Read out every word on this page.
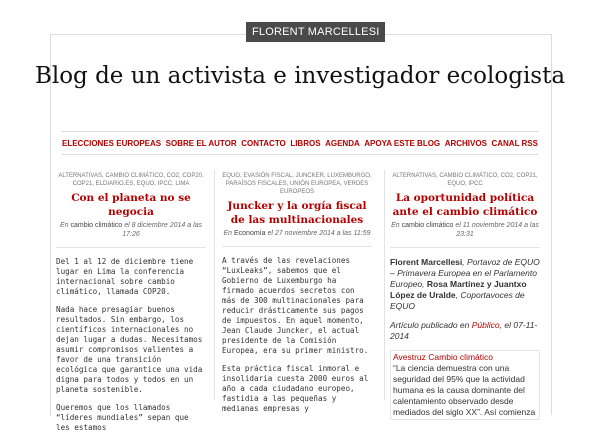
FLORENT MARCELLESI
Blog de un activista e investigador ecologista
ELECCIONES EUROPEAS SOBRE EL AUTOR CONTACTO LIBROS AGENDA APOYA ESTE BLOG ARCHIVOS CANAL RSS
ALTERNATIVAS, CAMBIO CLIMÁTICO, CO2, COP20, COP21, ELDIARIO.ES, EQUO, IPCC, LIMA
Con el planeta no se negocia
En cambio climático el 8 diciembre 2014 a las 17:26

Del 1 al 12 de diciembre tiene lugar en Lima la conferencia internacional sobre cambio climático, llamada COP20.

Nada hace presagiar buenos resultados. Sin embargo, los científicos internacionales no dejan lugar a dudas. Necesitamos asumir compromisos valientes a favor de una transición ecológica que garantice una vida digna para todos y todos en un planeta sostenible.

Queremos que los llamados “líderes mundiales” sepan que les estamos

EQUO, EVASIÓN FISCAL, JUNCKER, LUXEMBURGO, PARAÍSOS FISCALES, UNIÓN EUROPEA, VERDES EUROPEOS
Juncker y la orgía fiscal de las multinacionales
En Economía el 27 noviembre 2014 a las 11:59

A través de las revelaciones “LuxLeaks”, sabemos que el Gobierno de Luxemburgo ha firmado acuerdos secretos con más de 300 multinacionales para reducir drásticamente sus pagos de impuestos. En aquel momento, Jean Claude Juncker, el actual presidente de la Comisión Europea, era su primer ministro.

Esta práctica fiscal inmoral e insolidaria cuesta 2000 euros al año a cada ciudadano europeo, fastidia a las pequeñas y medianas empresas y

ALTERNATIVAS, CAMBIO CLIMÁTICO, CO2, COP21, EQUO, IPCC
La oportunidad política ante el cambio climático
En cambio climático el 11 noviembre 2014 a las 23:31

Florent Marcellesi, Portavoz de EQUO – Primavera Europea en el Parlamento Europeo, Rosa Martínez y Juantxo López de Uralde, Coportavoces de EQUO

Artículo publicado en Público, el 07-11-2014

Avestruz Cambio climático
“La ciencia demuestra con una seguridad del 95% que la actividad humana es la causa dominante del calentamiento observado desde mediados del siglo XX”. Así comienza
